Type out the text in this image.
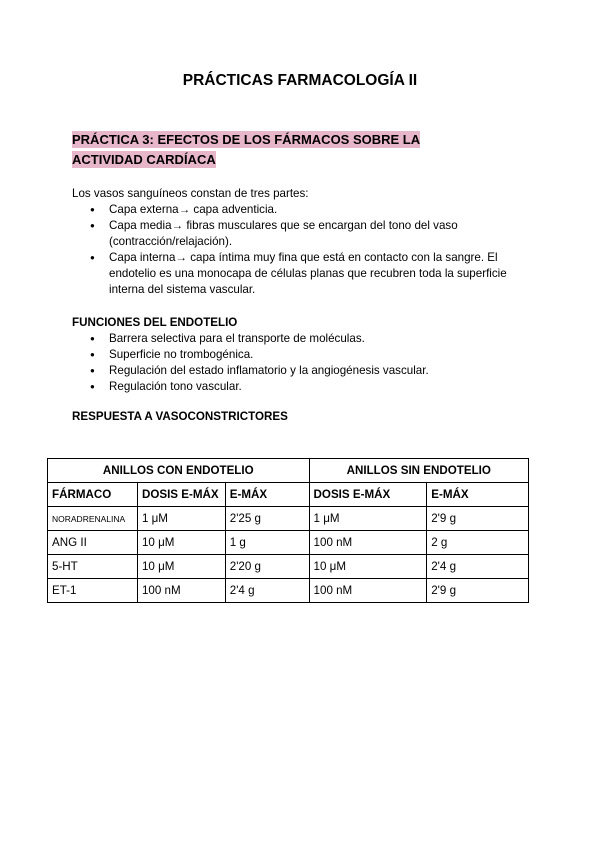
PRÁCTICAS FARMACOLOGÍA II
PRÁCTICA 3: EFECTOS DE LOS FÁRMACOS SOBRE LA
ACTIVIDAD CARDÍACA

Los vasos sanguíneos constan de tres partes:

● Capa externa→ capa adventicia.
● Capa media→ fibras musculares que se encargan del tono del vaso (contracción/relajación).
● Capa interna→ capa íntima muy fina que está en contacto con la sangre. El endotelio es una monocapa de células planas que recubren toda la superficie interna del sistema vascular.
FUNCIONES DEL ENDOTELIO
● Barrera selectiva para el transporte de moléculas.
● Superficie no trombogénica.
● Regulación del estado inflamatorio y la angiogénesis vascular.
● Regulación tono vascular.
RESPUESTA A VASOCONSTRICTORES
ANILLOS CON ENDOTELIO			ANILLOS SIN ENDOTELIO	
FÁRMACO	DOSIS E-MÁX	E-MÁX	DOSIS E-MÁX	E-MÁX
NORADRENALINA	1 μM	2'25 g	1 μM	2'9 g
ANG II	10 μM	1 g	100 nM	2 g
5-HT	10 μM	2'20 g	10 μM	2'4 g
ET-1	100 nM	2'4 g	100 nM	2'9 g
